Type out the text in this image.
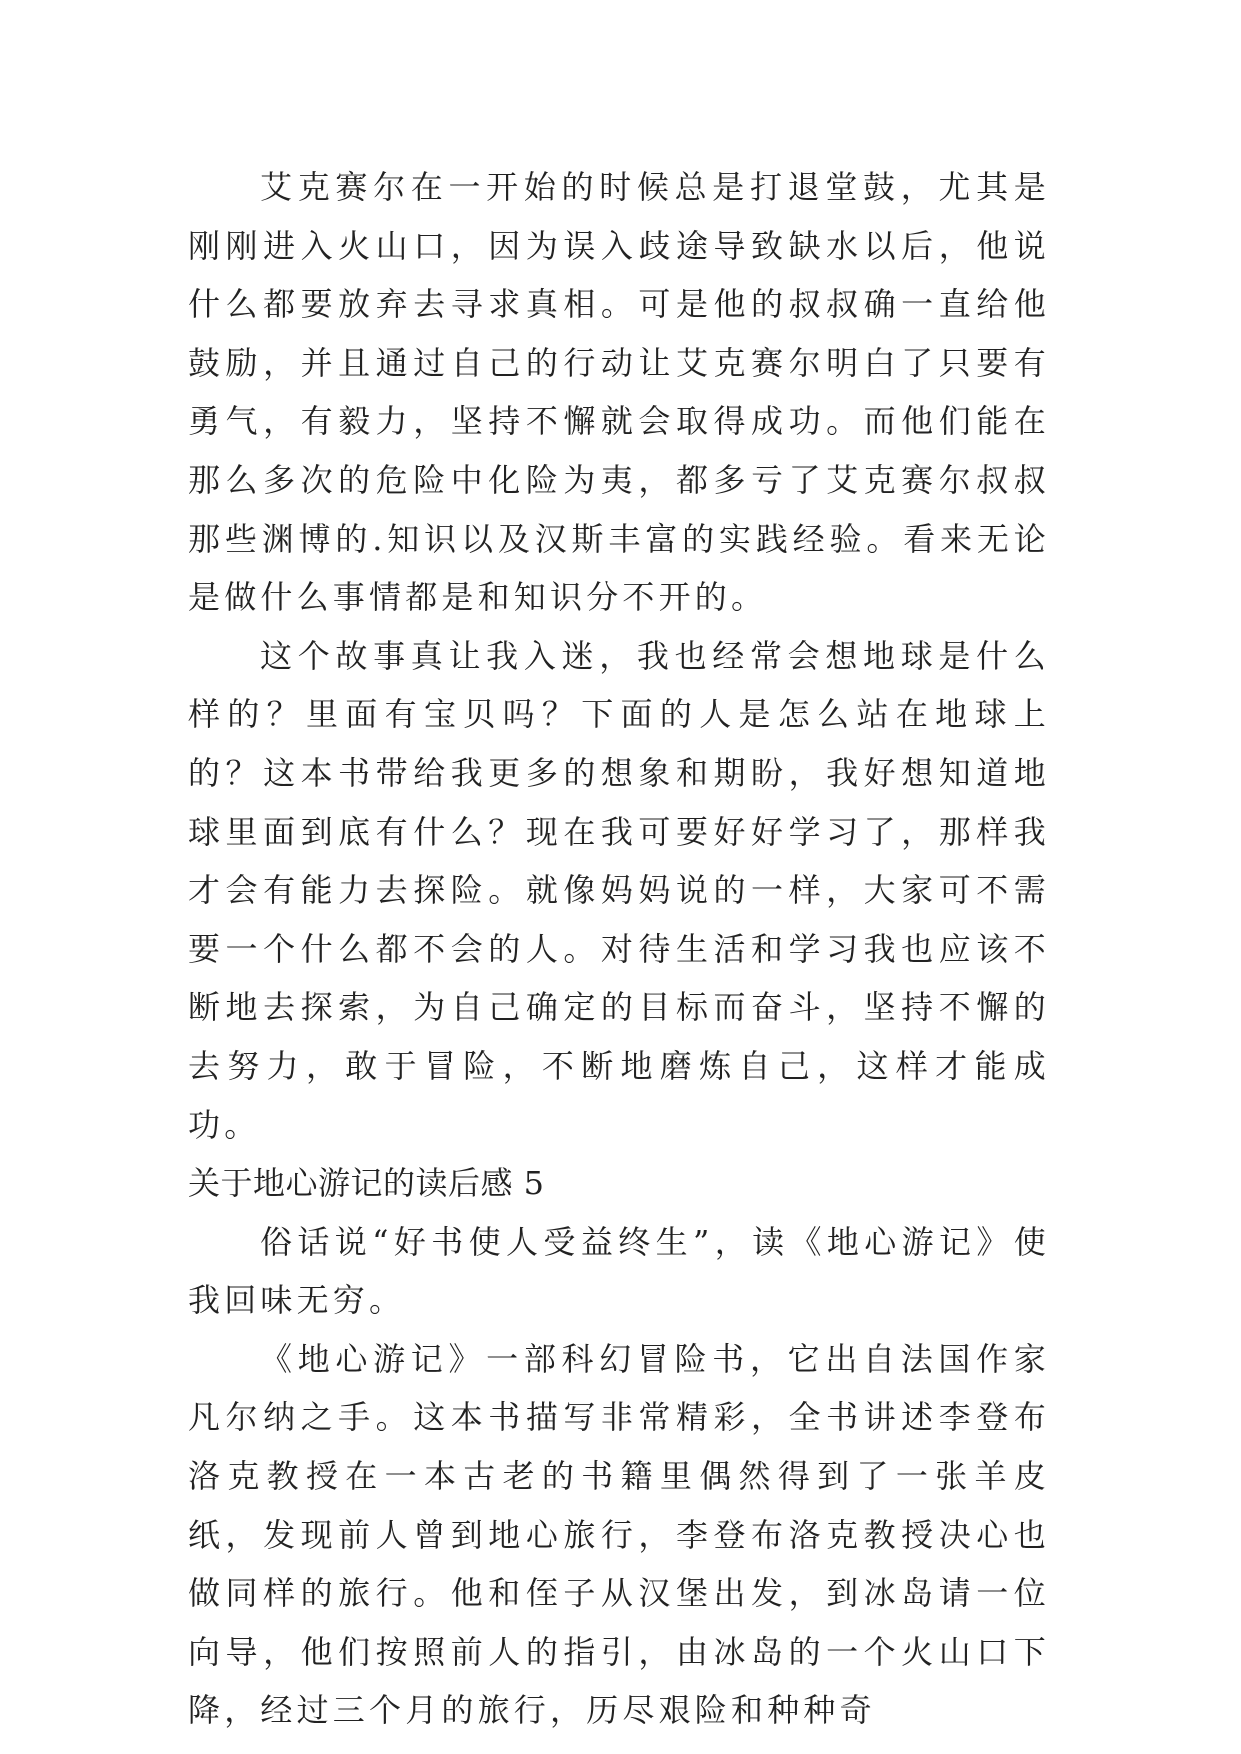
艾克赛尔在一开始的时候总是打退堂鼓，尤其是刚刚进入火山口，因为误入歧途导致缺水以后，他说什么都要放弃去寻求真相。可是他的叔叔确一直给他鼓励，并且通过自己的行动让艾克赛尔明白了只要有勇气，有毅力，坚持不懈就会取得成功。而他们能在那么多次的危险中化险为夷，都多亏了艾克赛尔叔叔那些渊博的.知识以及汉斯丰富的实践经验。看来无论是做什么事情都是和知识分不开的。

这个故事真让我入迷，我也经常会想地球是什么样的？里面有宝贝吗？下面的人是怎么站在地球上的？这本书带给我更多的想象和期盼，我好想知道地球里面到底有什么？现在我可要好好学习了，那样我才会有能力去探险。就像妈妈说的一样，大家可不需要一个什么都不会的人。对待生活和学习我也应该不断地去探索，为自己确定的目标而奋斗，坚持不懈的去努力，敢于冒险，不断地磨炼自己，这样才能成功。

关于地心游记的读后感 5

俗话说“好书使人受益终生”，读《地心游记》使我回味无穷。

《地心游记》一部科幻冒险书，它出自法国作家凡尔纳之手。这本书描写非常精彩，全书讲述李登布洛克教授在一本古老的书籍里偶然得到了一张羊皮纸，发现前人曾到地心旅行，李登布洛克教授决心也做同样的旅行。他和侄子从汉堡出发，到冰岛请一位向导，他们按照前人的指引，由冰岛的一个火山口下降，经过三个月的旅行，历尽艰险和种种奇
